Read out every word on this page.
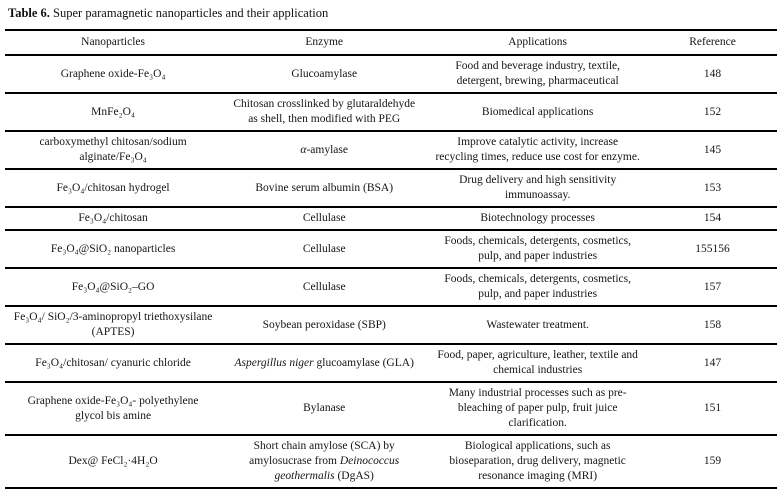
Table 6. Super paramagnetic nanoparticles and their application
Nanoparticles	Enzyme	Applications	Reference
Graphene oxide-Fe₃O₄	Glucoamylase	Food and beverage industry, textile, detergent, brewing, pharmaceutical	148
MnFe₂O₄	Chitosan crosslinked by glutaraldehyde as shell, then modified with PEG	Biomedical applications	152
carboxymethyl chitosan/sodium alginate/Fe₃O₄	α-amylase	Improve catalytic activity, increase recycling times, reduce use cost for enzyme.	145
Fe₃O₄/chitosan hydrogel	Bovine serum albumin (BSA)	Drug delivery and high sensitivity immunoassay.	153
Fe₃O₄/chitosan	Cellulase	Biotechnology processes	154
Fe₃O₄@SiO₂ nanoparticles	Cellulase	Foods, chemicals, detergents, cosmetics, pulp, and paper industries	155156
Fe₃O₄@SiO₂–GO	Cellulase	Foods, chemicals, detergents, cosmetics, pulp, and paper industries	157
Fe₃O₄/ SiO₂/3-aminopropyl triethoxysilane (APTES)	Soybean peroxidase (SBP)	Wastewater treatment.	158
Fe₃O₄/chitosan/ cyanuric chloride	Aspergillus niger glucoamylase (GLA)	Food, paper, agriculture, leather, textile and chemical industries	147
Graphene oxide-Fe₃O₄- polyethylene glycol bis amine	Bylanase	Many industrial processes such as pre-bleaching of paper pulp, fruit juice clarification.	151
Dex@ FeCl₂·4H₂O	Short chain amylose (SCA) by amylosucrase from Deinococcus geothermalis (DgAS)	Biological applications, such as bioseparation, drug delivery, magnetic resonance imaging (MRI)	159
